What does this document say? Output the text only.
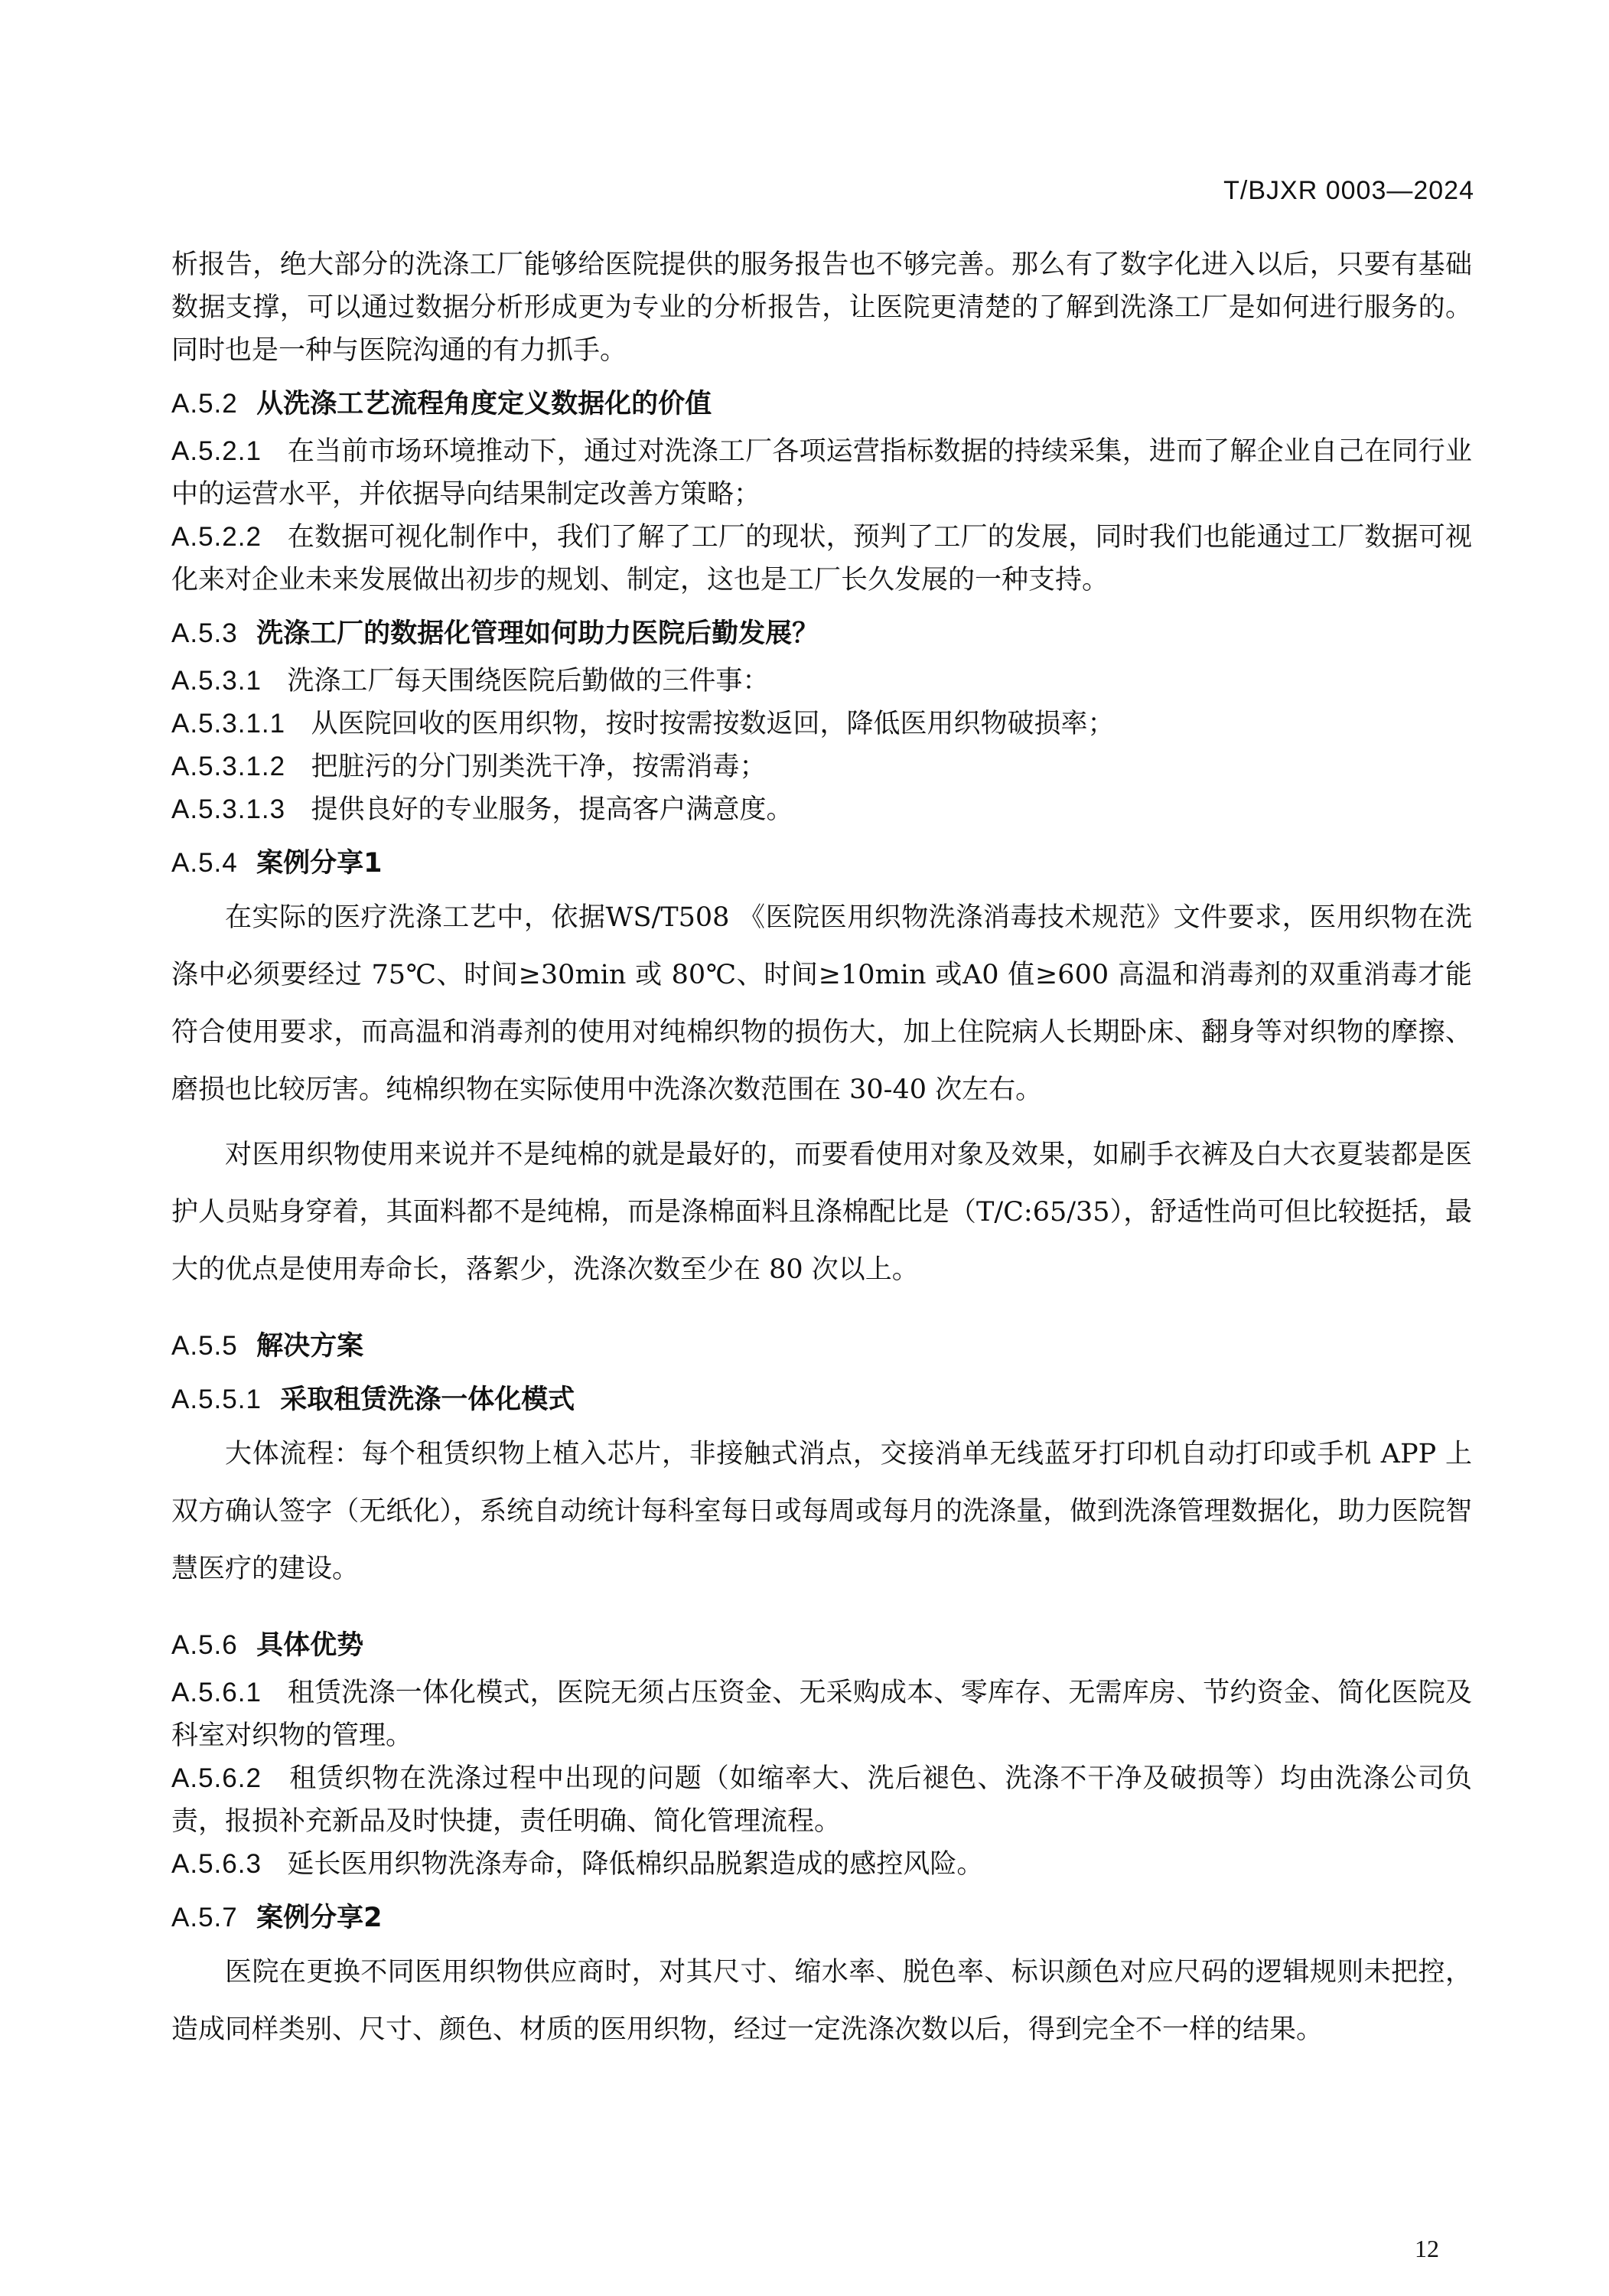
T/BJXR 0003—2024

析报告，绝大部分的洗涤工厂能够给医院提供的服务报告也不够完善。那么有了数字化进入以后，只要有基础数据支撑，可以通过数据分析形成更为专业的分析报告，让医院更清楚的了解到洗涤工厂是如何进行服务的。同时也是一种与医院沟通的有力抓手。

A.5.2 从洗涤工艺流程角度定义数据化的价值

A.5.2.1 在当前市场环境推动下，通过对洗涤工厂各项运营指标数据的持续采集，进而了解企业自己在同行业中的运营水平，并依据导向结果制定改善方策略；

A.5.2.2 在数据可视化制作中，我们了解了工厂的现状，预判了工厂的发展，同时我们也能通过工厂数据可视化来对企业未来发展做出初步的规划、制定，这也是工厂长久发展的一种支持。

A.5.3 洗涤工厂的数据化管理如何助力医院后勤发展？

A.5.3.1 洗涤工厂每天围绕医院后勤做的三件事：

A.5.3.1.1 从医院回收的医用织物，按时按需按数返回，降低医用织物破损率；

A.5.3.1.2 把脏污的分门别类洗干净，按需消毒；

A.5.3.1.3 提供良好的专业服务，提高客户满意度。

A.5.4 案例分享1

在实际的医疗洗涤工艺中，依据WS/T508 《医院医用织物洗涤消毒技术规范》文件要求，医用织物在洗涤中必须要经过 75℃、时间≥30min 或 80℃、时间≥10min 或A0 值≥600 高温和消毒剂的双重消毒才能符合使用要求，而高温和消毒剂的使用对纯棉织物的损伤大，加上住院病人长期卧床、翻身等对织物的摩擦、磨损也比较厉害。纯棉织物在实际使用中洗涤次数范围在 30-40 次左右。

对医用织物使用来说并不是纯棉的就是最好的，而要看使用对象及效果，如刷手衣裤及白大衣夏装都是医护人员贴身穿着，其面料都不是纯棉，而是涤棉面料且涤棉配比是（T/C:65/35），舒适性尚可但比较挺括，最大的优点是使用寿命长，落絮少，洗涤次数至少在 80 次以上。

A.5.5 解决方案
A.5.5.1 采取租赁洗涤一体化模式

大体流程：每个租赁织物上植入芯片，非接触式消点，交接消单无线蓝牙打印机自动打印或手机 APP 上双方确认签字（无纸化），系统自动统计每科室每日或每周或每月的洗涤量，做到洗涤管理数据化，助力医院智慧医疗的建设。

A.5.6 具体优势

A.5.6.1 租赁洗涤一体化模式，医院无须占压资金、无采购成本、零库存、无需库房、节约资金、简化医院及科室对织物的管理。

A.5.6.2 租赁织物在洗涤过程中出现的问题（如缩率大、洗后褪色、洗涤不干净及破损等）均由洗涤公司负责，报损补充新品及时快捷，责任明确、简化管理流程。

A.5.6.3 延长医用织物洗涤寿命，降低棉织品脱絮造成的感控风险。

A.5.7 案例分享2

医院在更换不同医用织物供应商时，对其尺寸、缩水率、脱色率、标识颜色对应尺码的逻辑规则未把控，造成同样类别、尺寸、颜色、材质的医用织物，经过一定洗涤次数以后，得到完全不一样的结果。

12
